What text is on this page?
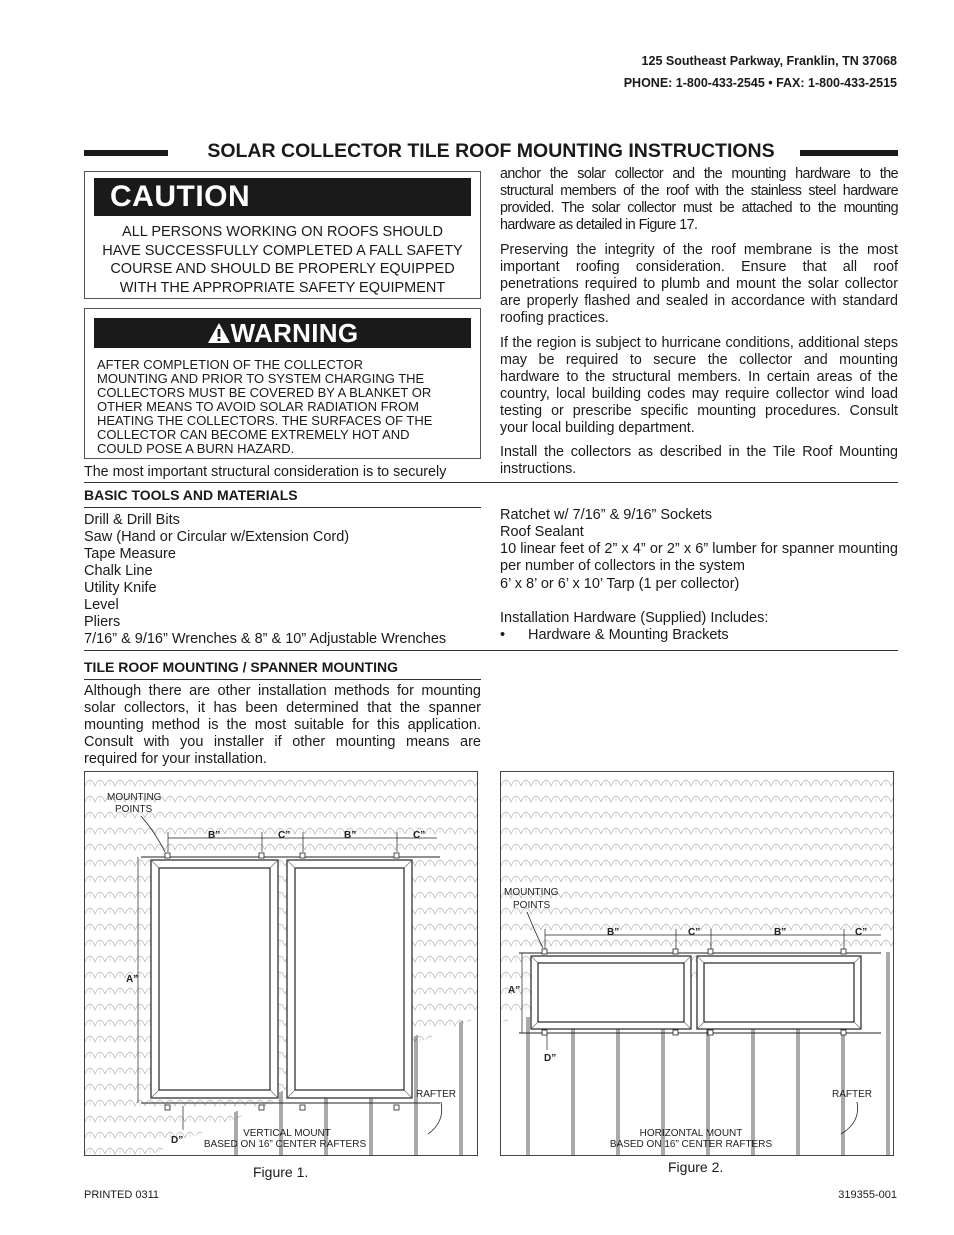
125 Southeast Parkway, Franklin, TN 37068
PHONE: 1-800-433-2545 • FAX: 1-800-433-2515
SOLAR COLLECTOR TILE ROOF MOUNTING INSTRUCTIONS
CAUTION
ALL PERSONS WORKING ON ROOFS SHOULD
HAVE SUCCESSFULLY COMPLETED A FALL SAFETY
COURSE AND SHOULD BE PROPERLY EQUIPPED
WITH THE APPROPRIATE SAFETY EQUIPMENT
WARNING
AFTER COMPLETION OF THE COLLECTOR
MOUNTING AND PRIOR TO SYSTEM CHARGING THE
COLLECTORS MUST BE COVERED BY A BLANKET OR
OTHER MEANS TO AVOID SOLAR RADIATION FROM
HEATING THE COLLECTORS. THE SURFACES OF THE
COLLECTOR CAN BECOME EXTREMELY HOT AND
COULD POSE A BURN HAZARD.
The most important structural consideration is to securely
anchor the solar collector and the mounting hardware to the structural members of the roof with the stainless steel hardware provided. The solar collector must be attached to the mounting hardware as detailed in Figure 17.
Preserving the integrity of the roof membrane is the most important roofing consideration. Ensure that all roof penetrations required to plumb and mount the solar collector are properly flashed and sealed in accordance with standard roofing practices.
If the region is subject to hurricane conditions, additional steps may be required to secure the collector and mounting hardware to the structural members. In certain areas of the country, local building codes may require collector wind load testing or prescribe specific mounting procedures. Consult your local building department.
Install the collectors as described in the Tile Roof Mounting instructions.
BASIC TOOLS AND MATERIALS
Drill & Drill Bits
Saw (Hand or Circular w/Extension Cord)
Tape Measure
Chalk Line
Utility Knife
Level
Pliers
7/16” & 9/16” Wrenches & 8” & 10” Adjustable Wrenches
Ratchet w/ 7/16” & 9/16” Sockets
Roof Sealant
10 linear feet of 2” x 4” or 2” x 6” lumber for spanner mounting per number of collectors in the system
6’ x 8’ or 6’ x 10’ Tarp (1 per collector)
Installation Hardware (Supplied) Includes:
• Hardware & Mounting Brackets
TILE ROOF MOUNTING / SPANNER MOUNTING
Although there are other installation methods for mounting solar collectors, it has been determined that the spanner mounting method is the most suitable for this application. Consult with you installer if other mounting means are required for your installation.
B”	C”	B”	C”
A”
D”
MOUNTING
POINTS
RAFTER
VERTICAL MOUNT
BASED ON 16” CENTER RAFTERS
Figure 1.
B”	C”	B”	C”
A”
D”
MOUNTING
POINTS
RAFTER
HORIZONTAL MOUNT
BASED ON 16” CENTER RAFTERS
Figure 2.
PRINTED 0311	319355-001
